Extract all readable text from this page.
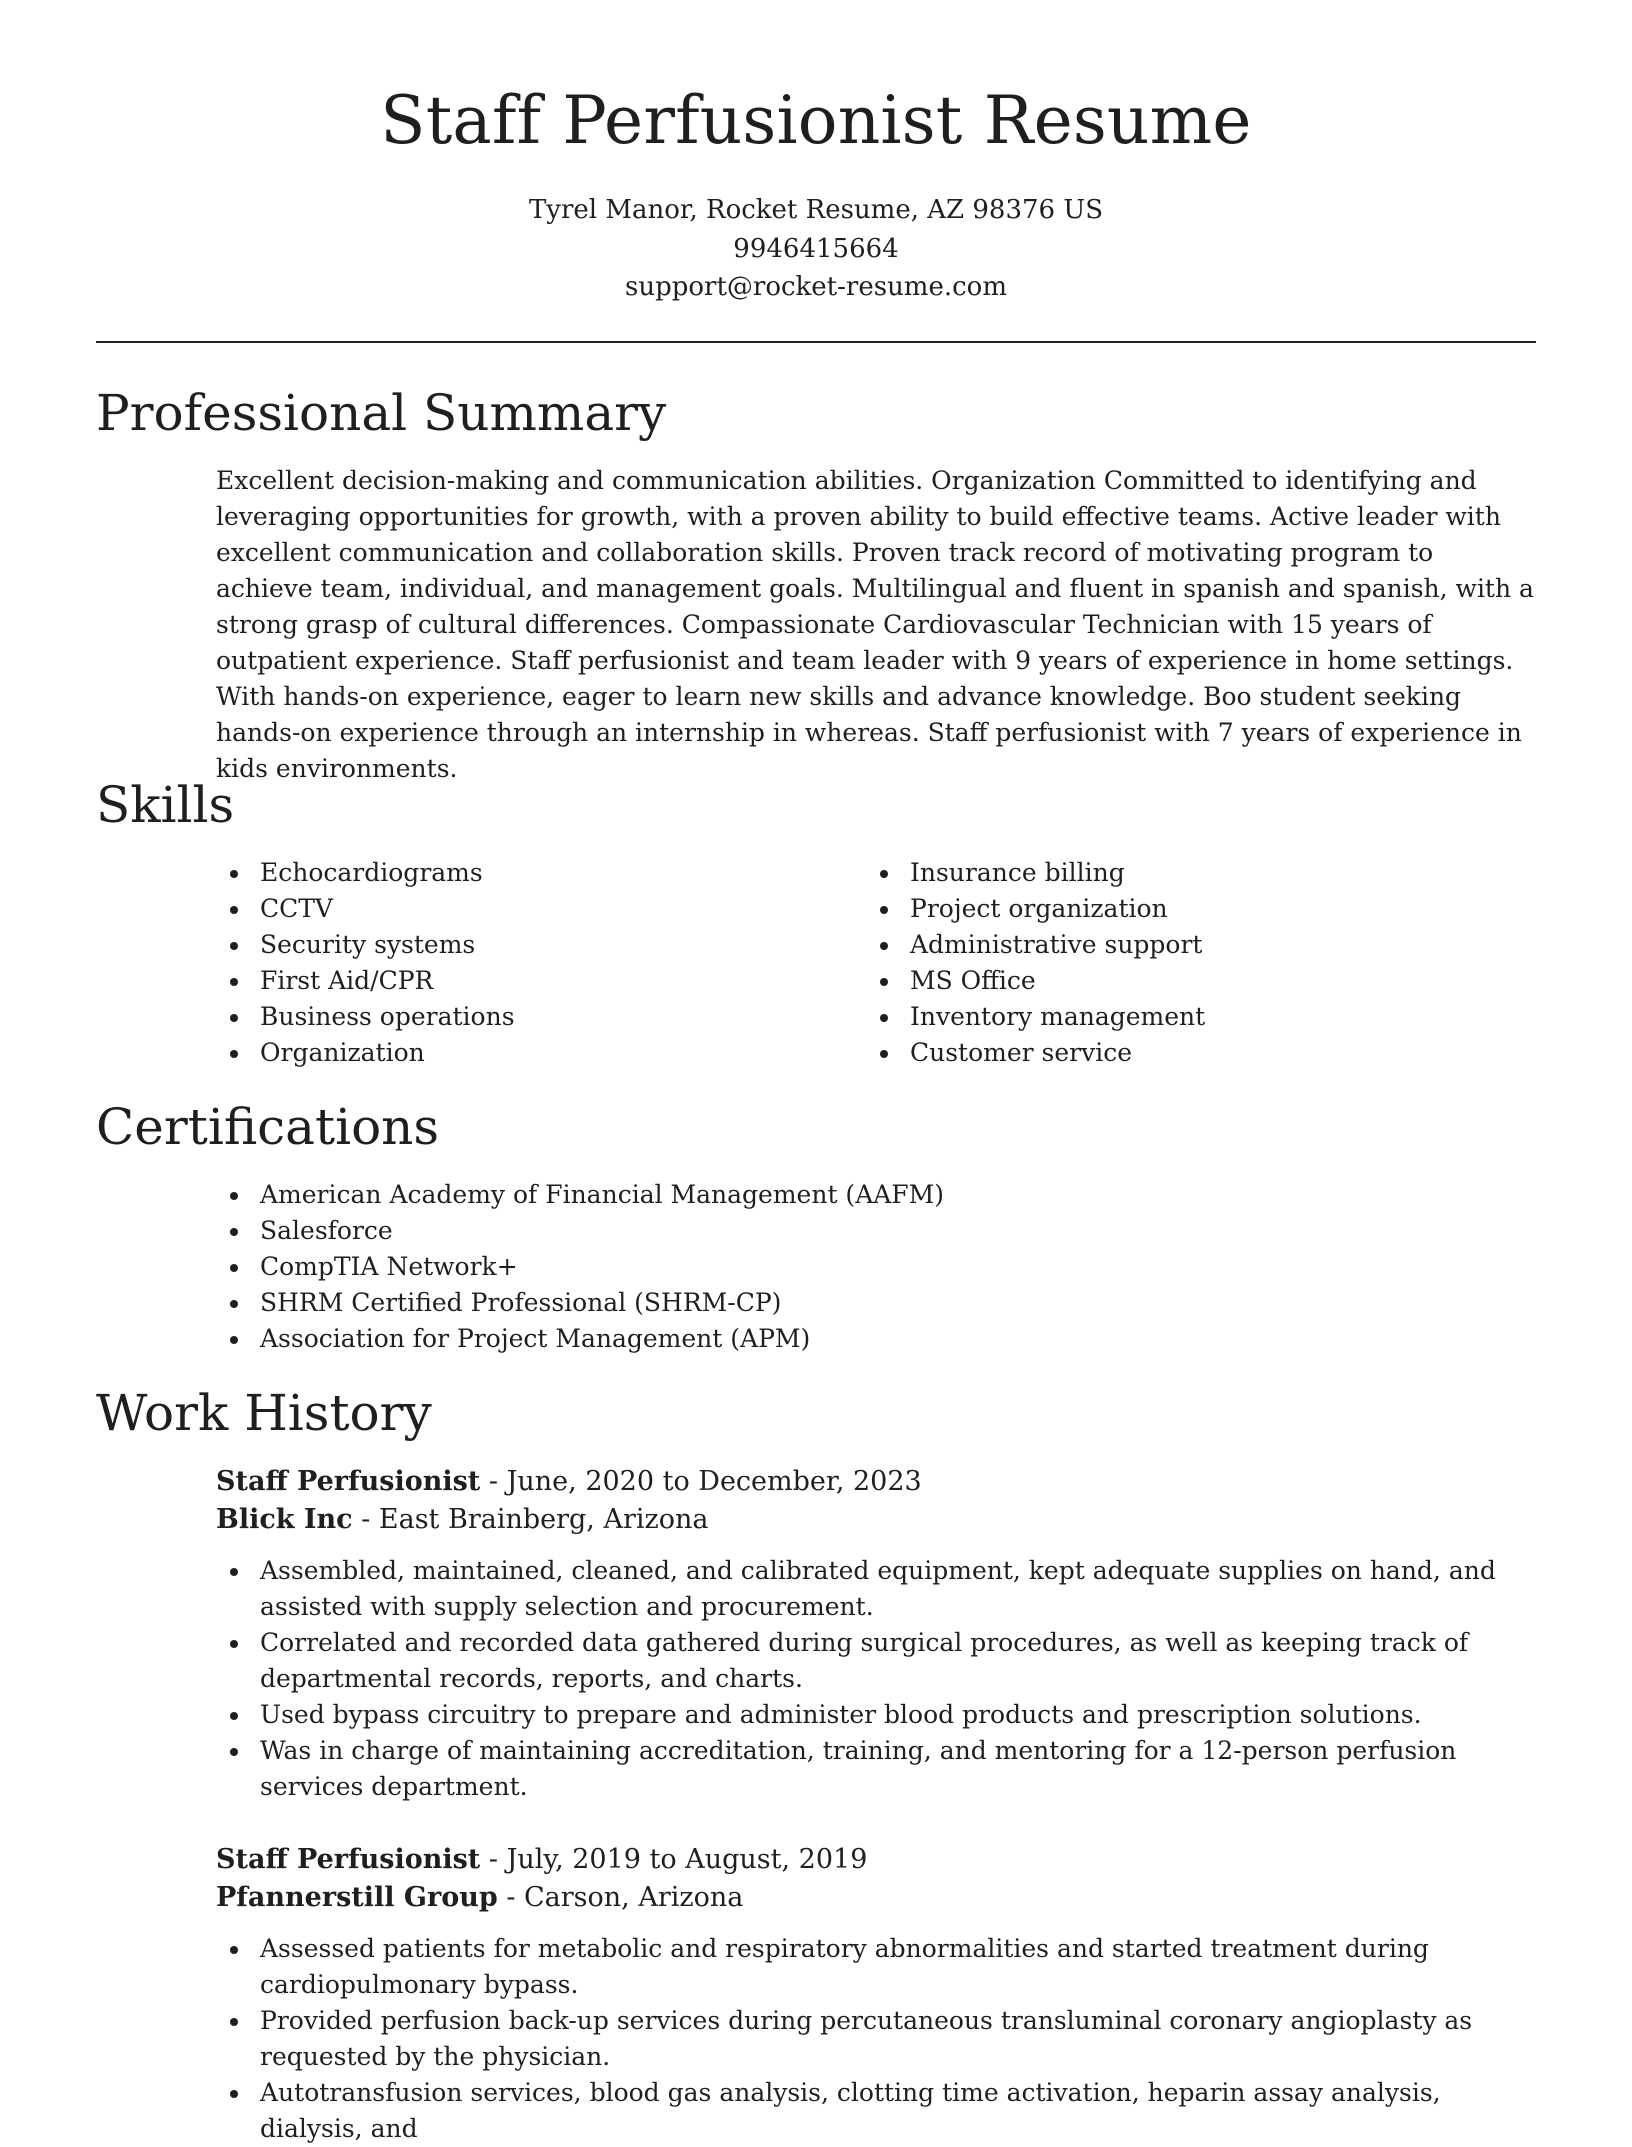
Staff Perfusionist Resume
Tyrel Manor, Rocket Resume, AZ 98376 US
9946415664
support@rocket-resume.com
Professional Summary

Excellent decision-making and communication abilities. Organization Committed to identifying and leveraging opportunities for growth, with a proven ability to build effective teams. Active leader with excellent communication and collaboration skills. Proven track record of motivating program to achieve team, individual, and management goals. Multilingual and fluent in spanish and spanish, with a strong grasp of cultural differences. Compassionate Cardiovascular Technician with 15 years of outpatient experience. Staff perfusionist and team leader with 9 years of experience in home settings. With hands-on experience, eager to learn new skills and advance knowledge. Boo student seeking hands-on experience through an internship in whereas. Staff perfusionist with 7 years of experience in kids environments.

Skills
Echocardiograms
CCTV
Security systems
First Aid/CPR
Business operations
Organization
Insurance billing
Project organization
Administrative support
MS Office
Inventory management
Customer service
Certifications
American Academy of Financial Management (AAFM)
Salesforce
CompTIA Network+
SHRM Certified Professional (SHRM-CP)
Association for Project Management (APM)
Work History

Staff Perfusionist - June, 2020 to December, 2023

Blick Inc - East Brainberg, Arizona

Assembled, maintained, cleaned, and calibrated equipment, kept adequate supplies on hand, and assisted with supply selection and procurement.
Correlated and recorded data gathered during surgical procedures, as well as keeping track of departmental records, reports, and charts.
Used bypass circuitry to prepare and administer blood products and prescription solutions.
Was in charge of maintaining accreditation, training, and mentoring for a 12-person perfusion services department.

Staff Perfusionist - July, 2019 to August, 2019

Pfannerstill Group - Carson, Arizona

Assessed patients for metabolic and respiratory abnormalities and started treatment during cardiopulmonary bypass.
Provided perfusion back-up services during percutaneous transluminal coronary angioplasty as requested by the physician.
Autotransfusion services, blood gas analysis, clotting time activation, heparin assay analysis, dialysis, and
